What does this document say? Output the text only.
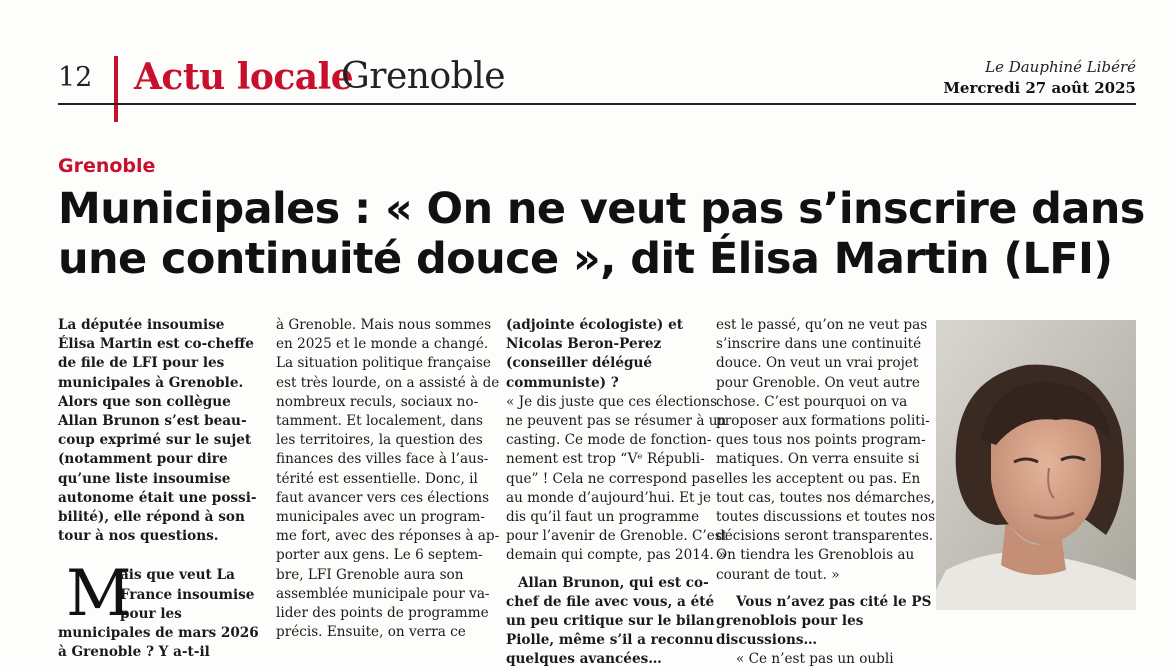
12 Actu locale
Grenoble	Le Dauphiné Libéré
Mercredi 27 août 2025
Grenoble
Municipales : « On ne veut pas s’inscrire dans
une continuité douce », dit Élisa Martin (LFI)

La députée insoumise
Élisa Martin est co-cheffe
de file de LFI pour les
municipales à Grenoble.
Alors que son collègue
Allan Brunon s’est beau-
coup exprimé sur le sujet
(notamment pour dire
qu’une liste insoumise
autonome était une possi-
bilité), elle répond à son
tour à nos questions.

M

ais que veut La
France insoumise
pour les
municipales de mars 2026
à Grenoble ? Y a-t-il

à Grenoble. Mais nous sommes
en 2025 et le monde a changé.
La situation politique française
est très lourde, on a assisté à de
nombreux reculs, sociaux no-
tamment. Et localement, dans
les territoires, la question des
finances des villes face à l’aus-
térité est essentielle. Donc, il
faut avancer vers ces élections
municipales avec un program-
me fort, avec des réponses à ap-
porter aux gens. Le 6 septem-
bre, LFI Grenoble aura son
assemblée municipale pour va-
lider des points de programme
précis. Ensuite, on verra ce

(adjointe écologiste) et
Nicolas Beron-Perez
(conseiller délégué
communiste) ?

« Je dis juste que ces élections
ne peuvent pas se résumer à un
casting. Ce mode de fonction-
nement est trop “Vᵉ Républi-
que” ! Cela ne correspond pas
au monde d’aujourd’hui. Et je
dis qu’il faut un programme
pour l’avenir de Grenoble. C’est
demain qui compte, pas 2014. »

Allan Brunon, qui est co-
chef de file avec vous, a été
un peu critique sur le bilan
Piolle, même s’il a reconnu
quelques avancées…

est le passé, qu’on ne veut pas
s’inscrire dans une continuité
douce. On veut un vrai projet
pour Grenoble. On veut autre
chose. C’est pourquoi on va
proposer aux formations politi-
ques tous nos points program-
matiques. On verra ensuite si
elles les acceptent ou pas. En
tout cas, toutes nos démarches,
toutes discussions et toutes nos
décisions seront transparentes.
On tiendra les Grenoblois au
courant de tout. »

Vous n’avez pas cité le PS
grenoblois pour les
discussions…

« Ce n’est pas un oubli
